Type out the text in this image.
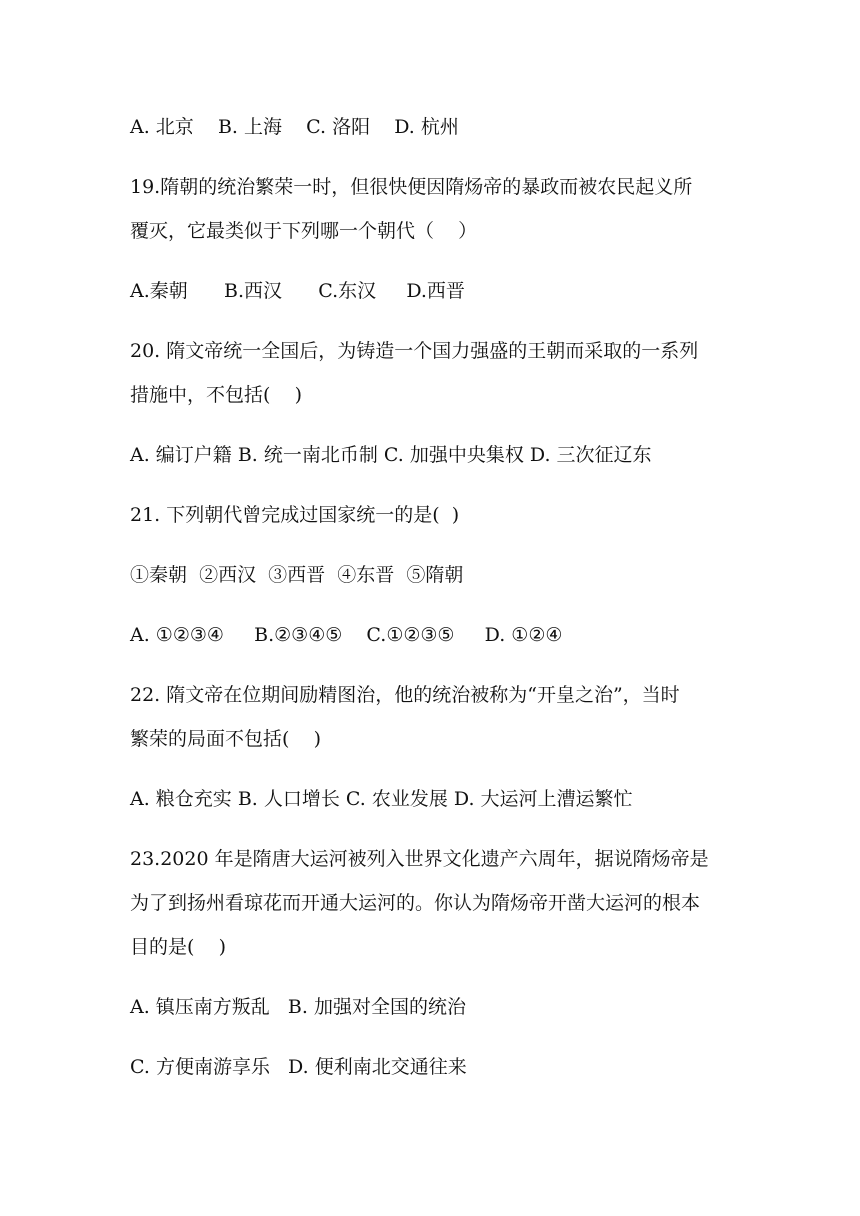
A. 北京    B. 上海    C. 洛阳    D. 杭州
19.隋朝的统治繁荣一时，但很快便因隋炀帝的暴政而被农民起义所
覆灭，它最类似于下列哪一个朝代（    ）
A.秦朝      B.西汉      C.东汉     D.西晋
20. 隋文帝统一全国后，为铸造一个国力强盛的王朝而采取的一系列
措施中，不包括(    )
A. 编订户籍 B. 统一南北币制 C. 加强中央集权 D. 三次征辽东
21. 下列朝代曾完成过国家统一的是(  )
①秦朝  ②西汉  ③西晋  ④东晋  ⑤隋朝
A. ①②③④     B.②③④⑤    C.①②③⑤     D. ①②④
22. 隋文帝在位期间励精图治，他的统治被称为“开皇之治”，当时
繁荣的局面不包括(    )
A. 粮仓充实 B. 人口增长 C. 农业发展 D. 大运河上漕运繁忙
23.2020 年是隋唐大运河被列入世界文化遗产六周年，据说隋炀帝是
为了到扬州看琼花而开通大运河的。你认为隋炀帝开凿大运河的根本
目的是(    )
A. 镇压南方叛乱   B. 加强对全国的统治
C. 方便南游享乐   D. 便利南北交通往来
